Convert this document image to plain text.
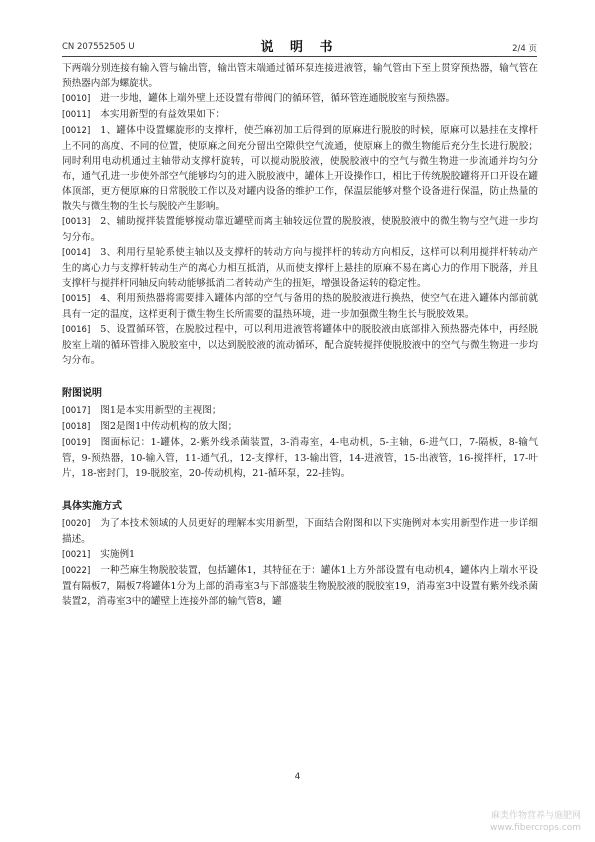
CN 207552505 U	说 明 书	2/4 页

下两端分别连接有输入管与输出管，输出管末端通过循环泵连接进液管，输气管由下至上贯穿预热器，输气管在预热器内部为螺旋状。

[0010] 进一步地，罐体上端外壁上还设置有带阀门的循环管，循环管连通脱胶室与预热器。

[0011] 本实用新型的有益效果如下：

[0012] 1、罐体中设置螺旋形的支撑杆，使苎麻初加工后得到的原麻进行脱胶的时候，原麻可以悬挂在支撑杆上不同的高度、不同的位置，使原麻之间充分留出空隙供空气流通，使原麻上的微生物能后充分生长进行脱胶；同时利用电动机通过主轴带动支撑杆旋转，可以搅动脱胶液，使脱胶液中的空气与微生物进一步流通并均匀分布，通气孔进一步使外部空气能够均匀的进入脱胶液中，罐体上开设操作口，相比于传统脱胶罐将开口开设在罐体顶部，更方便原麻的日常脱胶工作以及对罐内设备的维护工作，保温层能够对整个设备进行保温，防止热量的散失与微生物的生长与脱胶产生影响。

[0013] 2、辅助搅拌装置能够搅动靠近罐壁而离主轴较远位置的脱胶液，使脱胶液中的微生物与空气进一步均匀分布。

[0014] 3、利用行星轮系使主轴以及支撑杆的转动方向与搅拌杆的转动方向相反，这样可以利用搅拌杆转动产生的离心力与支撑杆转动生产的离心力相互抵消，从而使支撑杆上悬挂的原麻不易在离心力的作用下脱落，并且支撑杆与搅拌杆同轴反向转动能够抵消二者转动产生的扭矩，增强设备运转的稳定性。

[0015] 4、利用预热器将需要排入罐体内部的空气与备用的热的脱胶液进行换热，使空气在进入罐体内部前就具有一定的温度，这样更利于微生物生长所需要的温热环境，进一步加强微生物生长与脱胶效果。

[0016] 5、设置循环管，在脱胶过程中，可以利用进液管将罐体中的脱胶液由底部排入预热器壳体中，再经脱胶室上端的循环管排入脱胶室中，以达到脱胶液的流动循环，配合旋转搅拌使脱胶液中的空气与微生物进一步均匀分布。

附图说明

[0017] 图1是本实用新型的主视图；

[0018] 图2是图1中传动机构的放大图；

[0019] 图面标记：1-罐体，2-紫外线杀菌装置，3-消毒室，4-电动机，5-主轴，6-进气口，7-隔板，8-输气管，9-预热器，10-输入管，11-通气孔，12-支撑杆，13-输出管，14-进液管，15-出液管，16-搅拌杆，17-叶片，18-密封门，19-脱胶室，20-传动机构，21-循环泵，22-挂钩。

具体实施方式

[0020] 为了本技术领域的人员更好的理解本实用新型，下面结合附图和以下实施例对本实用新型作进一步详细描述。

[0021] 实施例1

[0022] 一种苎麻生物脱胶装置，包括罐体1，其特征在于：罐体1上方外部设置有电动机4，罐体内上端水平设置有隔板7，隔板7将罐体1分为上部的消毒室3与下部盛装生物脱胶液的脱胶室19，消毒室3中设置有紫外线杀菌装置2，消毒室3中的罐壁上连接外部的输气管8，罐

4
麻类作物营养与施肥网
www.fibercrops.com
